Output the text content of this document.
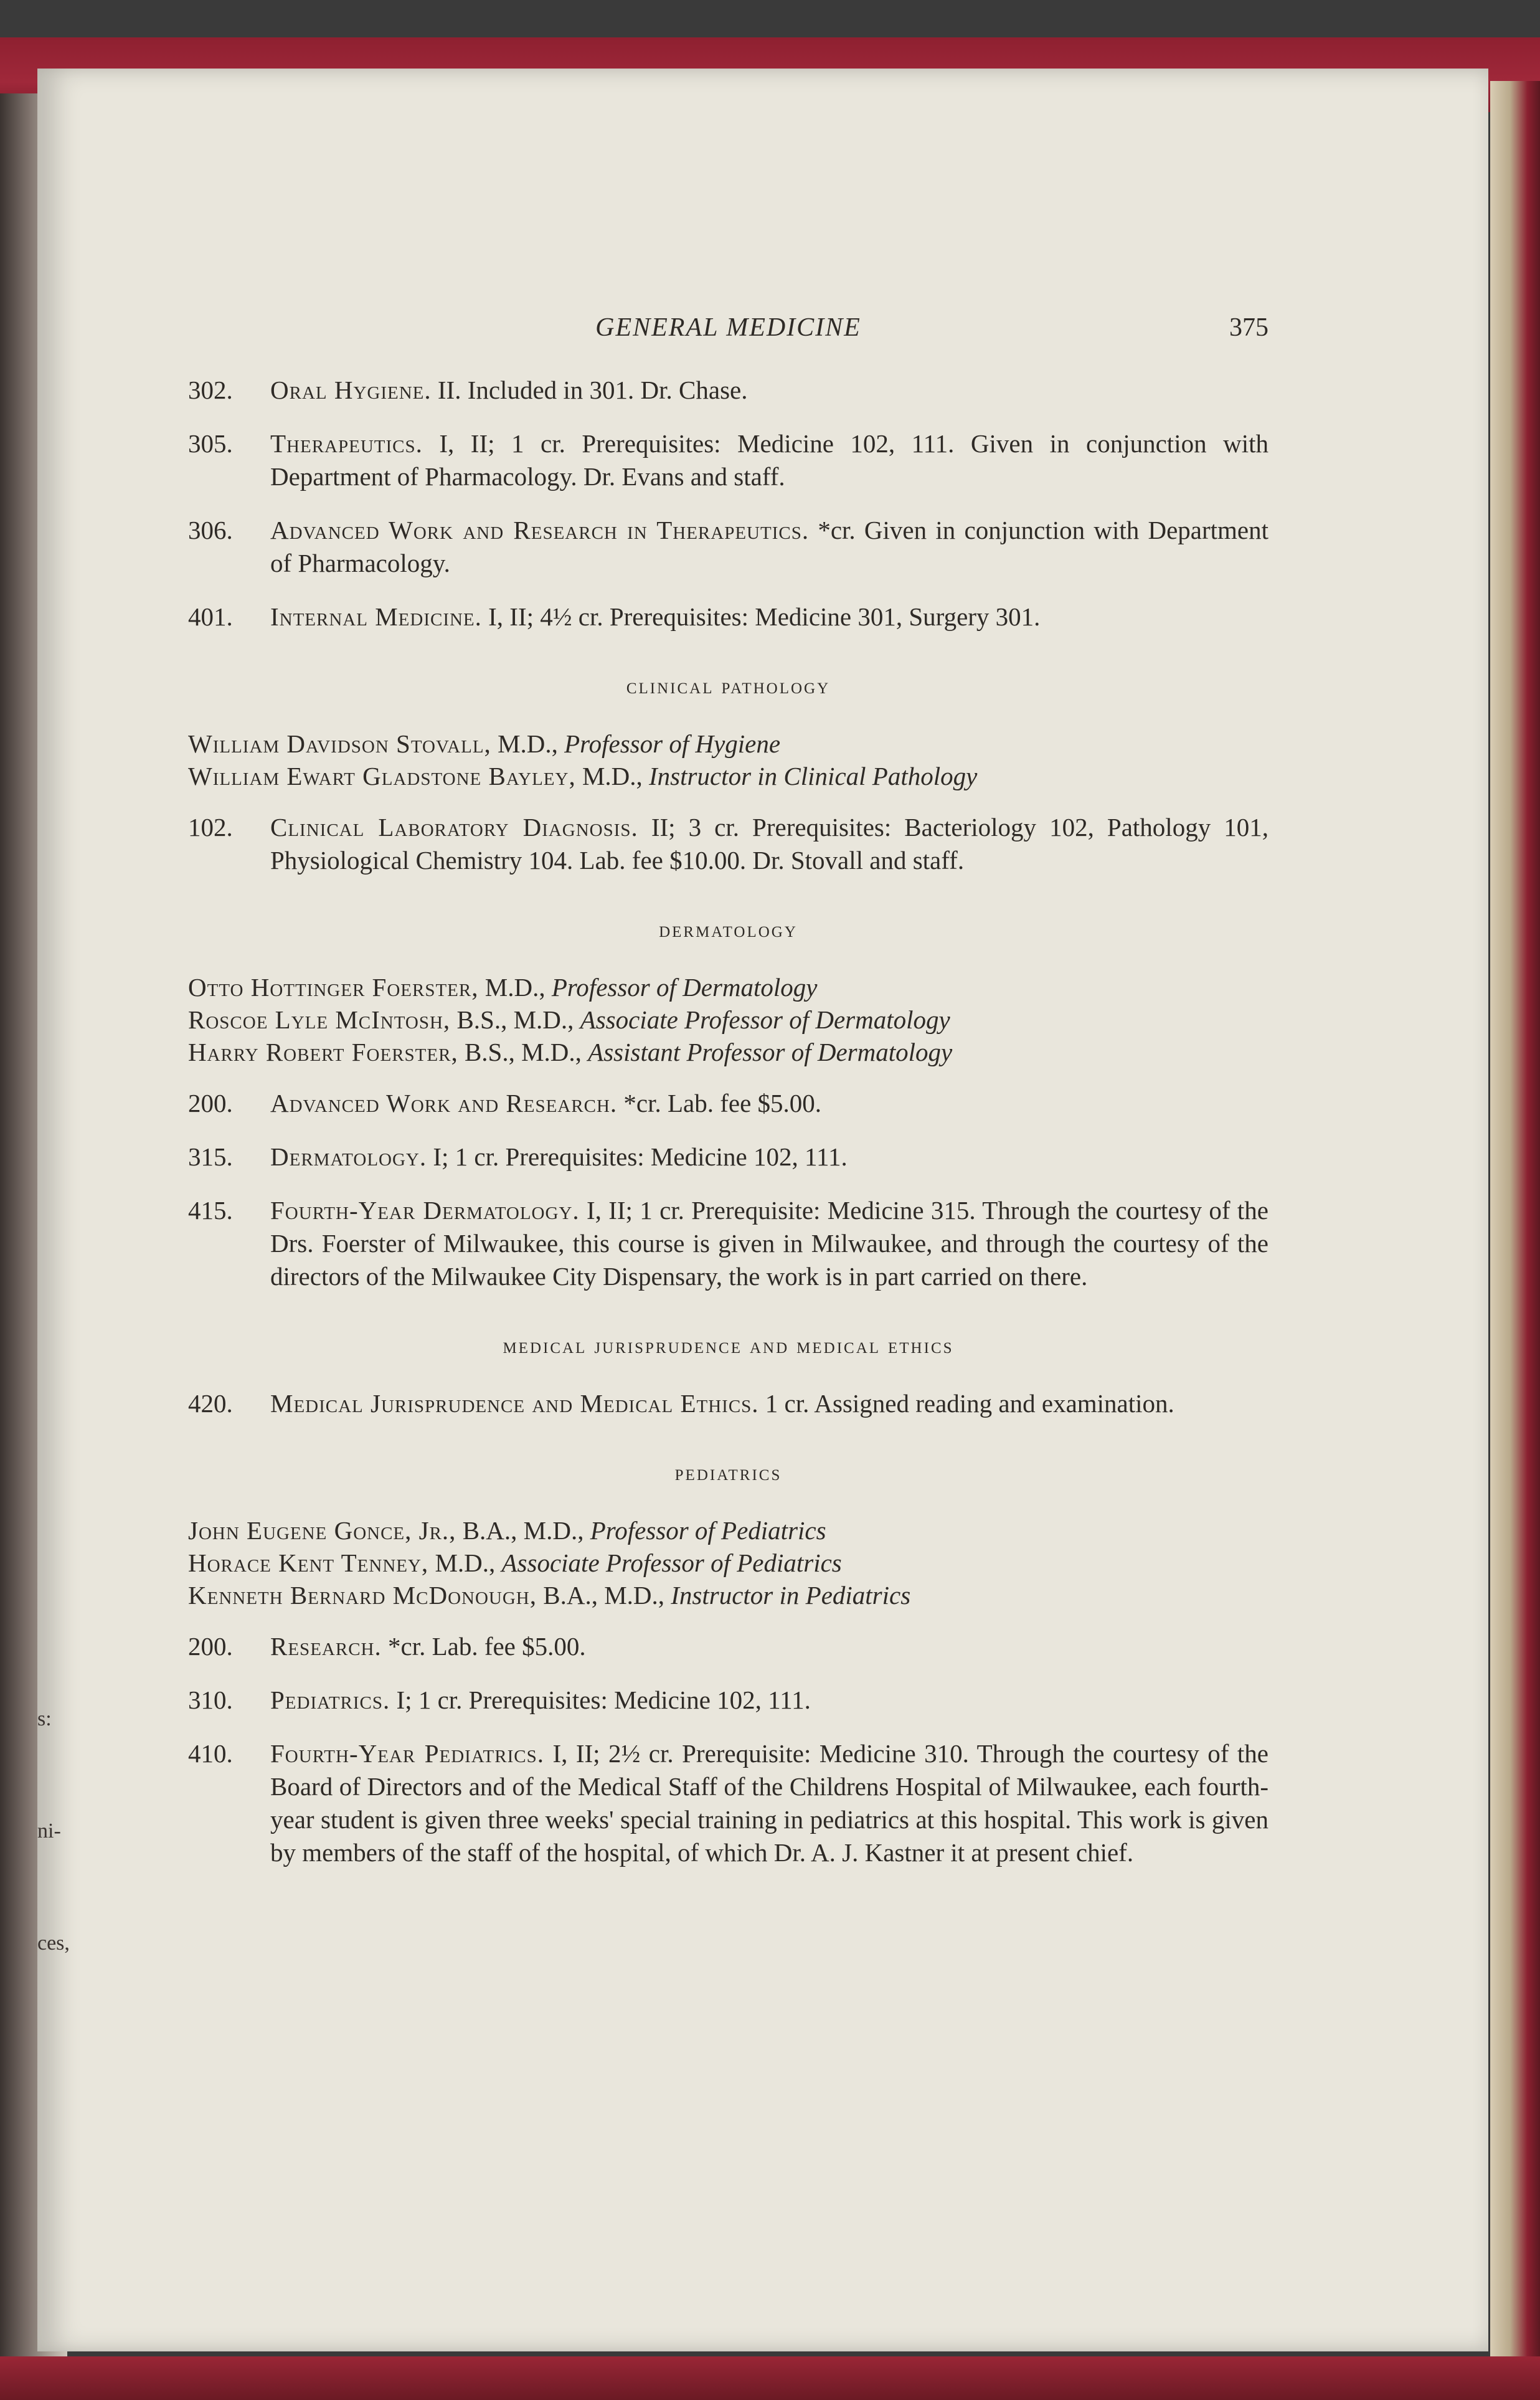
s:
ni-
ces,
GENERAL MEDICINE	375
302.	Oral Hygiene. II. Included in 301. Dr. Chase.
305.	Therapeutics. I, II; 1 cr. Prerequisites: Medicine 102, 111. Given in conjunction with Department of Pharmacology. Dr. Evans and staff.
306.	Advanced Work and Research in Therapeutics. *cr. Given in conjunction with Department of Pharmacology.
401.	Internal Medicine. I, II; 4½ cr. Prerequisites: Medicine 301, Surgery 301.
clinical pathology
William Davidson Stovall, M.D., Professor of Hygiene
William Ewart Gladstone Bayley, M.D., Instructor in Clinical Pathology
102.	Clinical Laboratory Diagnosis. II; 3 cr. Prerequisites: Bacteriology 102, Pathology 101, Physiological Chemistry 104. Lab. fee $10.00. Dr. Stovall and staff.
dermatology
Otto Hottinger Foerster, M.D., Professor of Dermatology
Roscoe Lyle McIntosh, B.S., M.D., Associate Professor of Dermatology
Harry Robert Foerster, B.S., M.D., Assistant Professor of Dermatology
200.	Advanced Work and Research. *cr. Lab. fee $5.00.
315.	Dermatology. I; 1 cr. Prerequisites: Medicine 102, 111.
415.	Fourth-Year Dermatology. I, II; 1 cr. Prerequisite: Medicine 315. Through the courtesy of the Drs. Foerster of Milwaukee, this course is given in Milwaukee, and through the courtesy of the directors of the Milwaukee City Dispensary, the work is in part carried on there.
medical jurisprudence and medical ethics
420.	Medical Jurisprudence and Medical Ethics. 1 cr. Assigned reading and examination.
pediatrics
John Eugene Gonce, Jr., B.A., M.D., Professor of Pediatrics
Horace Kent Tenney, M.D., Associate Professor of Pediatrics
Kenneth Bernard McDonough, B.A., M.D., Instructor in Pediatrics
200.	Research. *cr. Lab. fee $5.00.
310.	Pediatrics. I; 1 cr. Prerequisites: Medicine 102, 111.
410.	Fourth-Year Pediatrics. I, II; 2½ cr. Prerequisite: Medicine 310. Through the courtesy of the Board of Directors and of the Medical Staff of the Childrens Hospital of Milwaukee, each fourth-year student is given three weeks' special training in pediatrics at this hospital. This work is given by members of the staff of the hospital, of which Dr. A. J. Kastner it at present chief.
